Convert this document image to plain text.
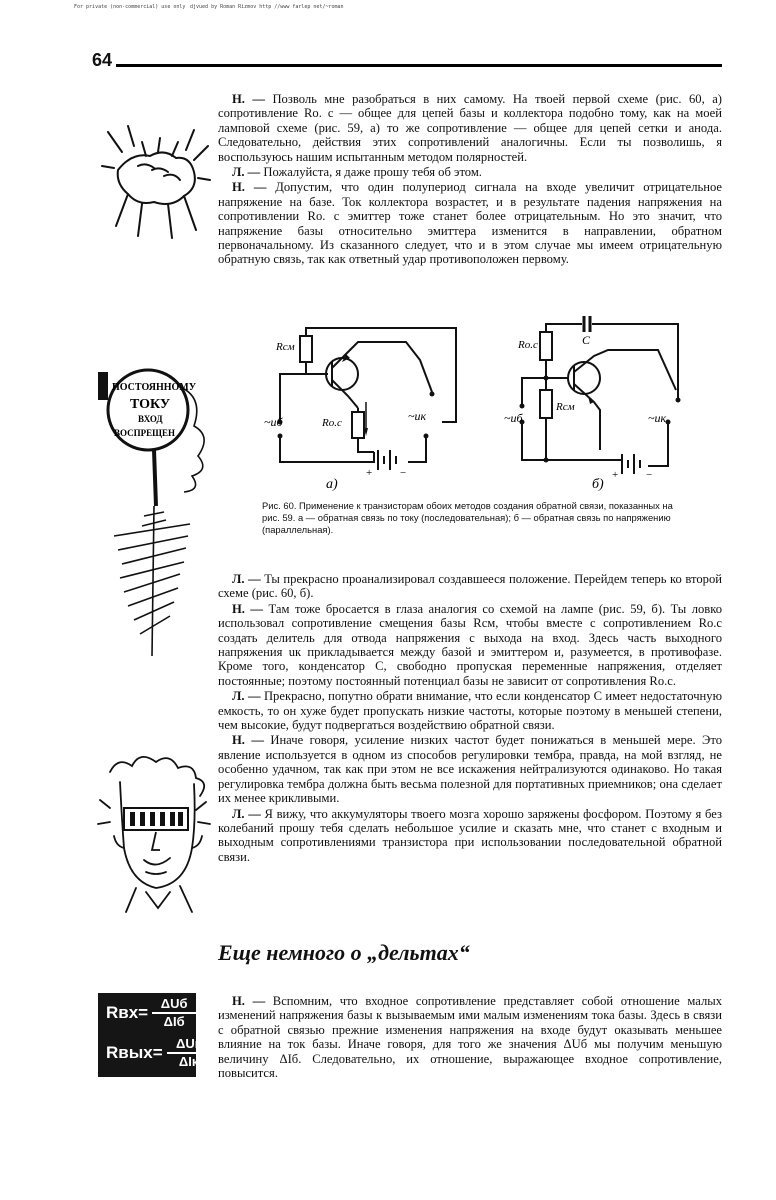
For private (non-commercial) use only djvued by Roman Rizmov http //www farlep net/~roman
64

Н. — Позволь мне разобраться в них самому. На твоей первой схеме (рис. 60, а) сопротивление Rо. с — общее для цепей базы и коллектора подобно тому, как на моей ламповой схеме (рис. 59, а) то же сопротивление — общее для цепей сетки и анода. Следовательно, действия этих сопротивлений аналогичны. Если ты позволишь, я воспользуюсь нашим испытанным методом полярностей.

Л. — Пожалуйста, я даже прошу тебя об этом.

Н. — Допустим, что один полупериод сигнала на входе увеличит отрицательное напряжение на базе. Ток коллектора возрастет, и в результате падения напряжения на сопротивлении Rо. с эмиттер тоже станет более отрицательным. Но это значит, что напряжение базы относительно эмиттера изменится в направлении, обратном первоначальному. Из сказанного следует, что и в этом случае мы имеем отрицательную обратную связь, так как ответный удар противоположен первому.

Rсм
Rо.с
~uб	~uк
+	−
а)
Rо.с	C
Rсм
~uб	~uк
+	−
б)
Рис. 60. Применение к транзисторам обоих методов создания обратной связи, показанных на рис. 59. а — обратная связь по току (последовательная); б — обратная связь по напряжению (параллельная).
ПОСТОЯННОМУ
ТОКУ
ВХОД
ВОСПРЕЩЕН

Л. — Ты прекрасно проанализировал создавшееся положение. Перейдем теперь ко второй схеме (рис. 60, б).

Н. — Там тоже бросается в глаза аналогия со схемой на лампе (рис. 59, б). Ты ловко использовал сопротивление смещения базы Rсм, чтобы вместе с сопротивлением Rо.с создать делитель для отвода напряжения с выхода на вход. Здесь часть выходного напряжения uк прикладывается между базой и эмиттером и, разумеется, в противофазе. Кроме того, конденсатор C, свободно пропуская переменные напряжения, отделяет постоянные; поэтому постоянный потенциал базы не зависит от сопротивления Rо.с.

Л. — Прекрасно, попутно обрати внимание, что если конденсатор C имеет недостаточную емкость, то он хуже будет пропускать низкие частоты, которые поэтому в меньшей степени, чем высокие, будут подвергаться воздействию обратной связи.

Н. — Иначе говоря, усиление низких частот будет понижаться в меньшей мере. Это явление используется в одном из способов регулировки тембра, правда, на мой взгляд, не особенно удачном, так как при этом не все искажения нейтрализуются одинаково. Но такая регулировка тембра должна быть весьма полезной для портативных приемников; она сделает их менее крикливыми.

Л. — Я вижу, что аккумуляторы твоего мозга хорошо заряжены фосфором. Поэтому я без колебаний прошу тебя сделать небольшое усилие и сказать мне, что станет с входным и выходным сопротивлениями транзистора при использовании последовательной обратной связи.

Еще немного о „дельтах“
$Rвх= \frac{\text{ΔUб}}{\text{ΔIб}}$
Rвых= $\frac{\text{ΔUк}}{\text{ΔIк}}$

Н. — Вспомним, что входное сопротивление представляет собой отношение малых изменений напряжения базы к вызываемым ими малым изменениям тока базы. Здесь в связи с обратной связью прежние изменения напряжения на входе будут оказывать меньшее влияние на ток базы. Иначе говоря, для того же значения ΔUб мы получим меньшую величину ΔIб. Следовательно, их отношение, выражающее входное сопротивление, повысится.
